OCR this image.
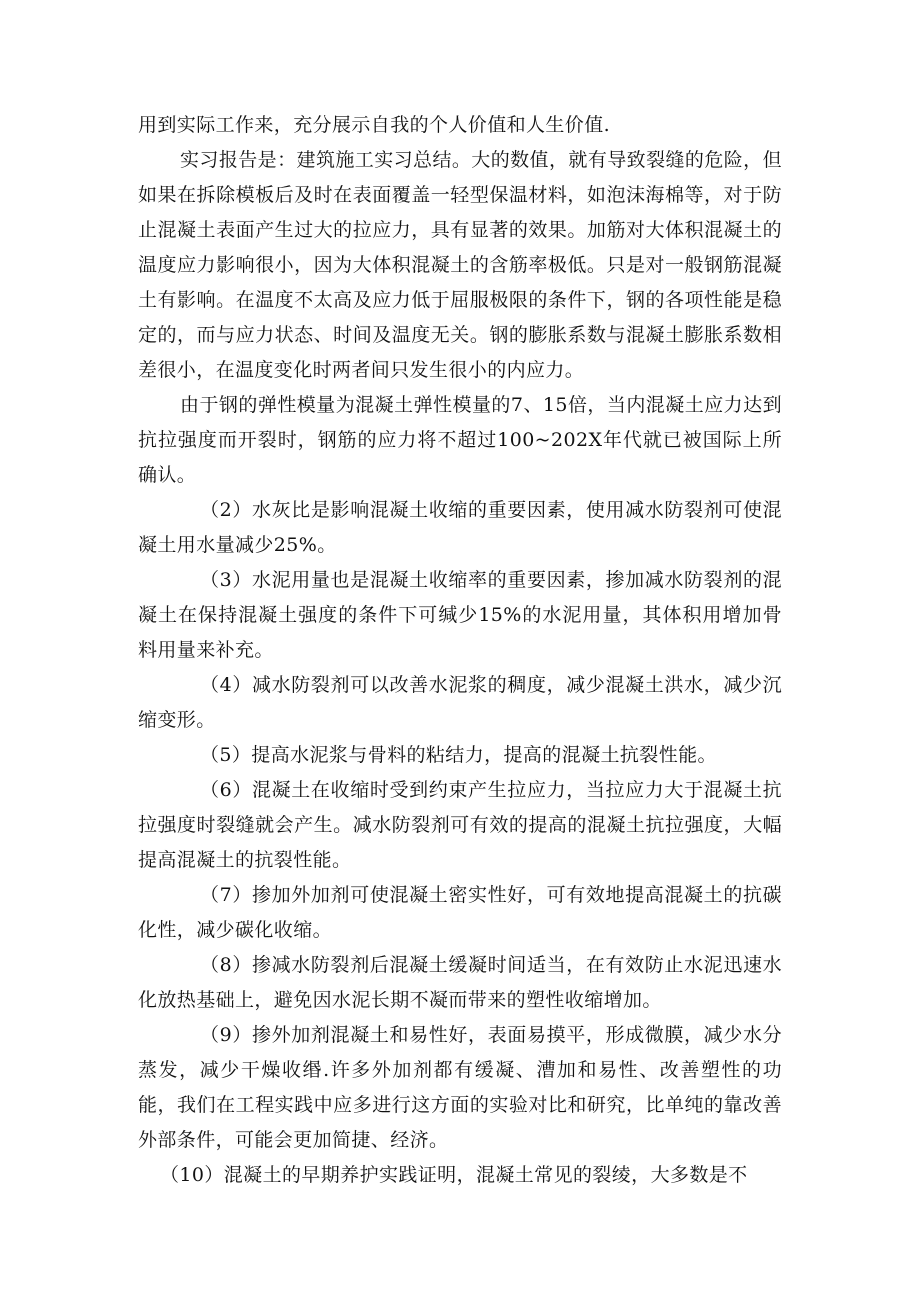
用到实际工作来，充分展示自我的个人价值和人生价值.

实习报告是：建筑施工实习总结。大的数值，就有导致裂缝的危险，但如果在拆除模板后及时在表面覆盖一轻型保温材料，如泡沫海棉等，对于防止混凝土表面产生过大的拉应力，具有显著的效果。加筋对大体积混凝土的温度应力影响很小，因为大体积混凝土的含筋率极低。只是对一般钢筋混凝土有影响。在温度不太高及应力低于屈服极限的条件下，钢的各项性能是稳定的，而与应力状态、时间及温度无关。钢的膨胀系数与混凝土膨胀系数相差很小，在温度变化时两者间只发生很小的内应力。

由于钢的弹性模量为混凝土弹性模量的7、15倍，当内混凝土应力达到抗拉强度而开裂时，钢筋的应力将不超过100~202X年代就已被国际上所确认。

（2）水灰比是影响混凝土收缩的重要因素，使用减水防裂剂可使混凝土用水量减少25%。

（3）水泥用量也是混凝土收缩率的重要因素，掺加减水防裂剂的混凝土在保持混凝土强度的条件下可缄少15%的水泥用量，其体积用增加骨料用量来补充。

（4）减水防裂剂可以改善水泥浆的稠度，减少混凝土洪水，减少沉缩变形。

（5）提高水泥浆与骨料的粘结力，提高的混凝土抗裂性能。

（6）混凝土在收缩时受到约束产生拉应力，当拉应力大于混凝土抗拉强度时裂缝就会产生。减水防裂剂可有效的提高的混凝土抗拉强度，大幅提高混凝土的抗裂性能。

（7）掺加外加剂可使混凝土密实性好，可有效地提高混凝土的抗碳化性，减少碳化收缩。

（8）掺减水防裂剂后混凝土缓凝时间适当，在有效防止水泥迅速水化放热基础上，避免因水泥长期不凝而带来的塑性收缩增加。

（9）掺外加剂混凝土和易性好，表面易摸平，形成微膜，减少水分蒸发，减少干燥收缗.许多外加剂都有缓凝、漕加和易性、改善塑性的功能，我们在工程实践中应多进行这方面的实验对比和研究，比单纯的靠改善外部条件，可能会更加简捷、经济。

（10）混凝土的早期养护实践证明，混凝土常见的裂绫，大多数是不
